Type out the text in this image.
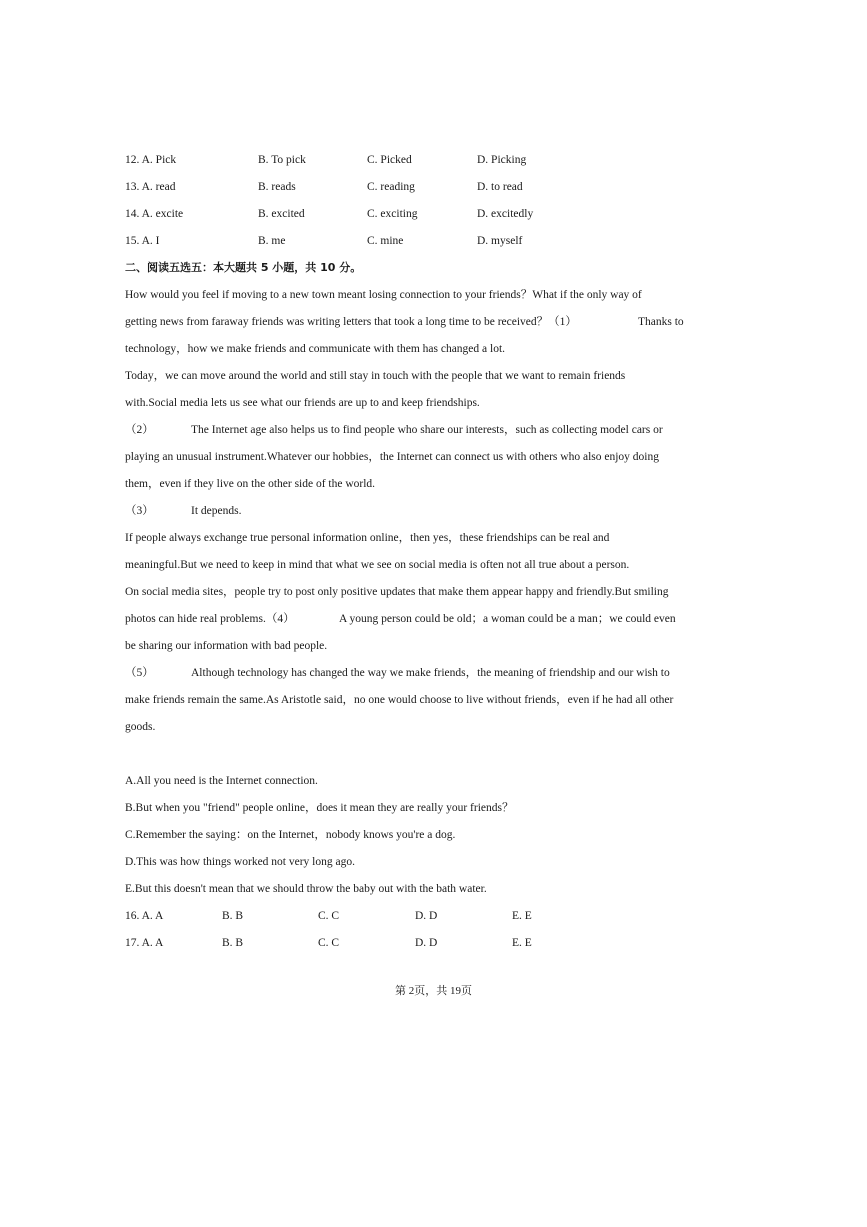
12. A. Pick	B. To pick	C. Picked	D. Picking
13. A. read	B. reads	C. reading	D. to read
14. A. excite	B. excited	C. exciting	D. excitedly
15. A. I	B. me	C. mine	D. myself
二、阅读五选五：本大题共 5 小题，共 10 分。
How would you feel if moving to a new town meant losing connection to your friends？What if the only way of
getting news from faraway friends was writing letters that took a long time to be received？（1）	Thanks to
technology，how we make friends and communicate with them has changed a lot.
Today，we can move around the world and still stay in touch with the people that we want to remain friends
with.Social media lets us see what our friends are up to and keep friendships.
（2）	The Internet age also helps us to find people who share our interests，such as collecting model cars or
playing an unusual instrument.Whatever our hobbies，the Internet can connect us with others who also enjoy doing
them，even if they live on the other side of the world.
（3）	It depends.
If people always exchange true personal information online，then yes，these friendships can be real and
meaningful.But we need to keep in mind that what we see on social media is often not all true about a person.
On social media sites，people try to post only positive updates that make them appear happy and friendly.But smiling
photos can hide real problems.（4）	A young person could be old；a woman could be a man；we could even
be sharing our information with bad people.
（5）	Although technology has changed the way we make friends，the meaning of friendship and our wish to
make friends remain the same.As Aristotle said，no one would choose to live without friends，even if he had all other
goods.
A.All you need is the Internet connection.
B.But when you "friend" people online，does it mean they are really your friends？
C.Remember the saying：on the Internet，nobody knows you're a dog.
D.This was how things worked not very long ago.
E.But this doesn't mean that we should throw the baby out with the bath water.
16. A. A	B. B	C. C	D. D	E. E
17. A. A	B. B	C. C	D. D	E. E
第 2页，共 19页
